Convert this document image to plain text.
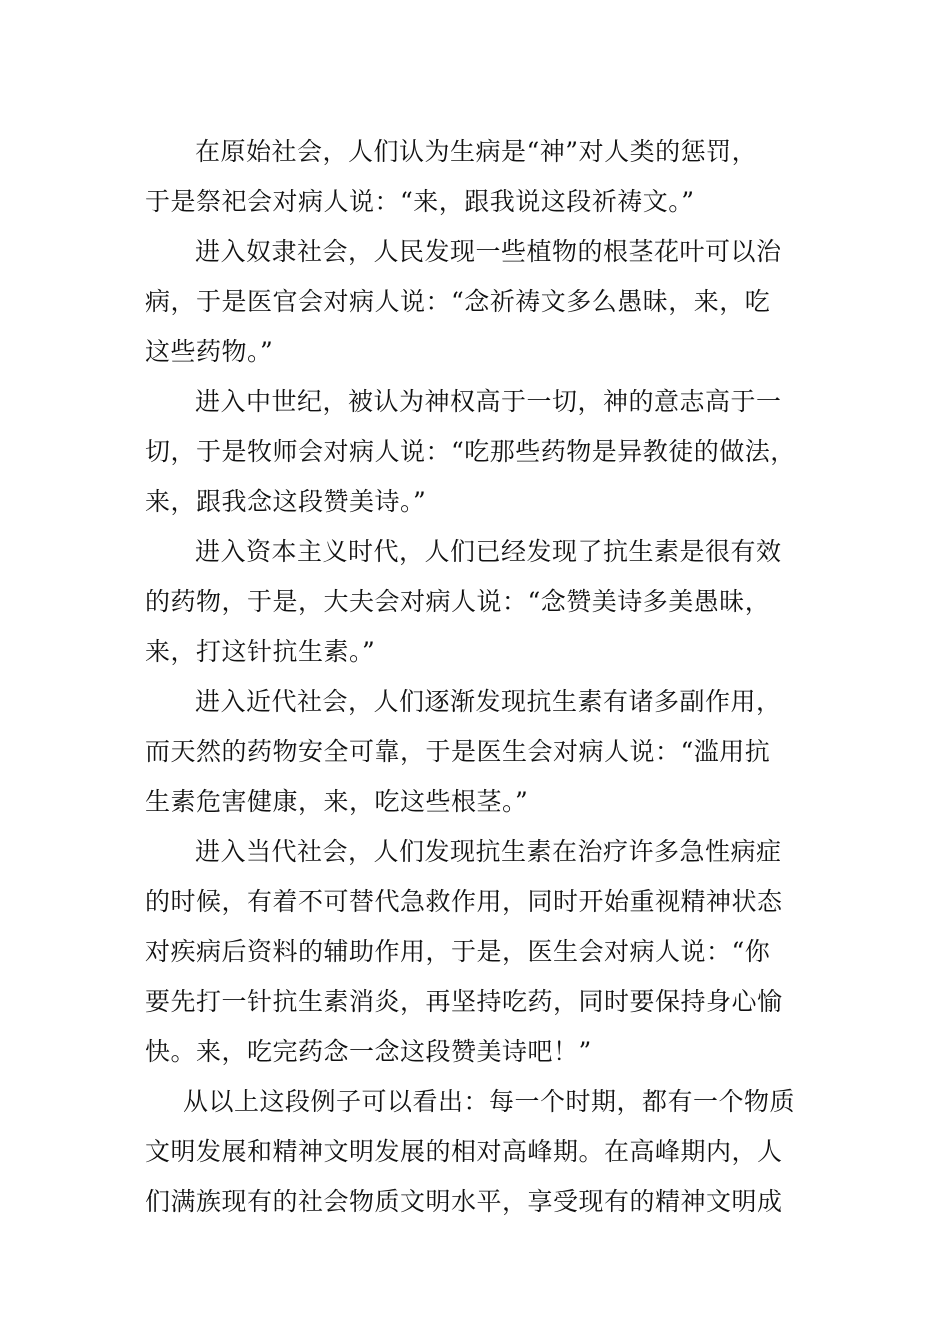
在原始社会，人们认为生病是“神”对人类的惩罚，
于是祭祀会对病人说：“来，跟我说这段祈祷文。”
进入奴隶社会，人民发现一些植物的根茎花叶可以治
病，于是医官会对病人说：“念祈祷文多么愚昧，来，吃
这些药物。”
进入中世纪，被认为神权高于一切，神的意志高于一
切，于是牧师会对病人说：“吃那些药物是异教徒的做法，
来，跟我念这段赞美诗。”
进入资本主义时代，人们已经发现了抗生素是很有效
的药物，于是，大夫会对病人说：“念赞美诗多美愚昧，
来，打这针抗生素。”
进入近代社会，人们逐渐发现抗生素有诸多副作用，
而天然的药物安全可靠，于是医生会对病人说：“滥用抗
生素危害健康，来，吃这些根茎。”
进入当代社会，人们发现抗生素在治疗许多急性病症
的时候，有着不可替代急救作用，同时开始重视精神状态
对疾病后资料的辅助作用，于是，医生会对病人说：“你
要先打一针抗生素消炎，再坚持吃药，同时要保持身心愉
快。来，吃完药念一念这段赞美诗吧！”
从以上这段例子可以看出：每一个时期，都有一个物质
文明发展和精神文明发展的相对高峰期。在高峰期内，人
们满族现有的社会物质文明水平，享受现有的精神文明成
